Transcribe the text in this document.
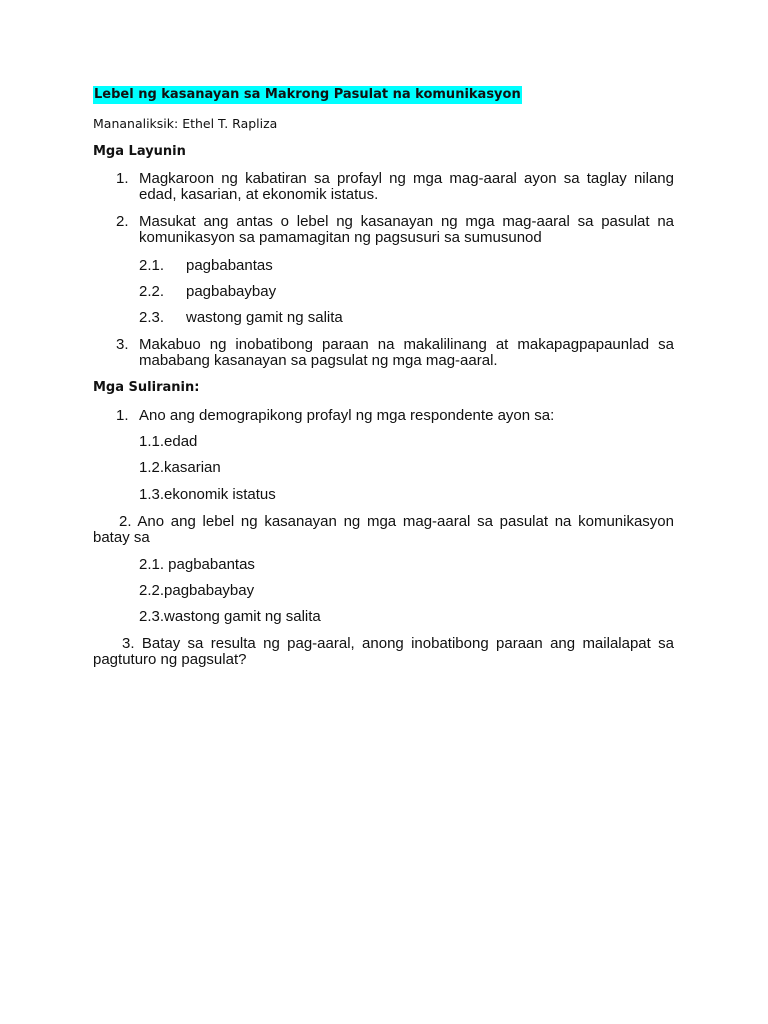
Lebel ng kasanayan sa Makrong Pasulat na komunikasyon
Mananaliksik: Ethel T. Rapliza
Mga Layunin
1. Magkaroon ng kabatiran sa profayl ng mga mag-aaral ayon sa taglay nilang edad, kasarian, at ekonomik istatus.
2. Masukat ang antas o lebel ng kasanayan ng mga mag-aaral sa pasulat na komunikasyon sa pamamagitan ng pagsusuri sa sumusunod
2.1. pagbabantas
2.2. pagbabaybay
2.3. wastong gamit ng salita
3. Makabuo ng inobatibong paraan na makalilinang at makapagpapaunlad sa mababang kasanayan sa pagsulat ng mga mag-aaral.
Mga Suliranin:
1. Ano ang demograpikong profayl ng mga respondente ayon sa:
1.1.edad
1.2.kasarian
1.3.ekonomik istatus
2. Ano ang lebel ng kasanayan ng mga mag-aaral sa pasulat na komunikasyon batay sa
2.1. pagbabantas
2.2.pagbabaybay
2.3.wastong gamit ng salita
3. Batay sa resulta ng pag-aaral, anong inobatibong paraan ang mailalapat sa pagtuturo ng pagsulat?
